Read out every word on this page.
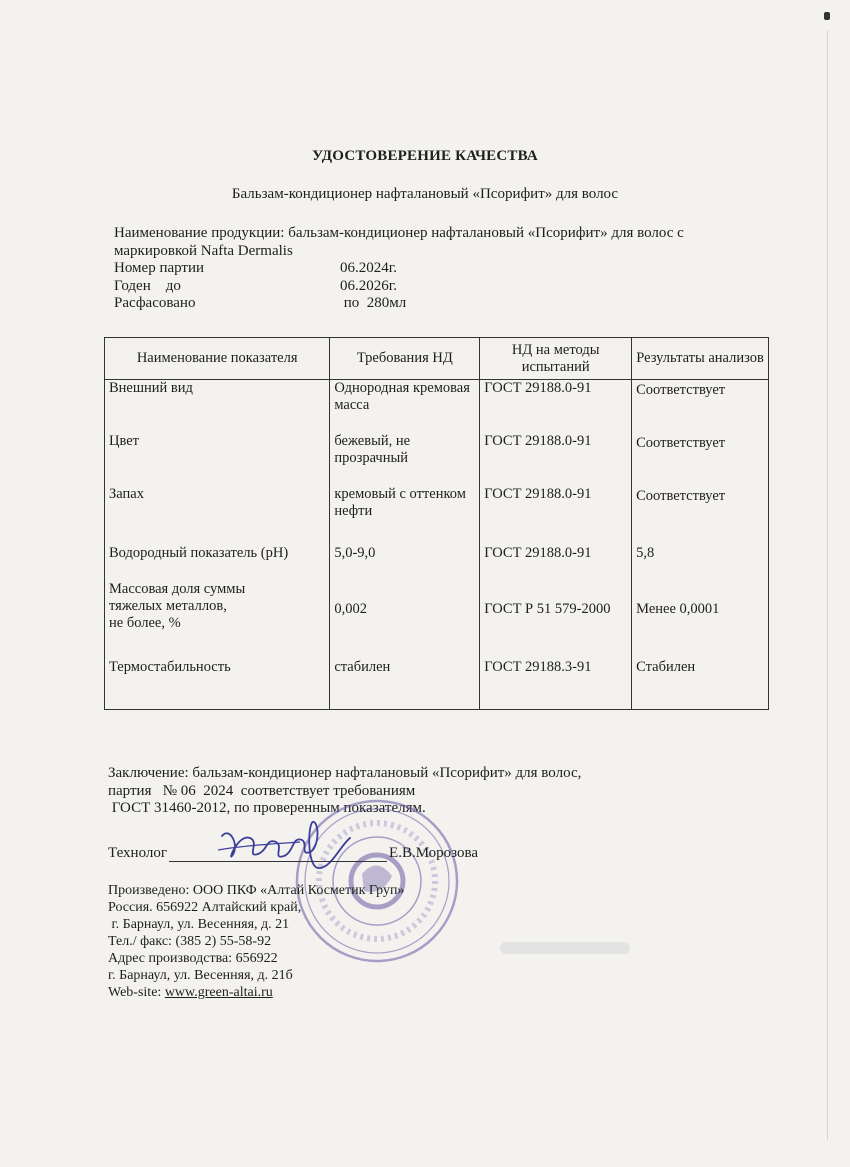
УДОСТОВЕРЕНИЕ КАЧЕСТВА
Бальзам-кондиционер нафталановый «Псорифит» для волос
Наименование продукции: бальзам-кондиционер нафталановый «Псорифит» для волос с
маркировкой Nafta Dermalis
Номер партии	06.2024г.
Годен    до	06.2026г.
Расфасовано	по  280мл
Наименование показателя	Требования НД	НД на методы испытаний	Результаты анализов
Внешний вид	Однородная кремовая масса	ГОСТ 29188.0-91	Соответствует

Цвет	бежевый, не прозрачный	ГОСТ 29188.0-91	Соответствует

Запах	кремовый с оттенком нефти	ГОСТ 29188.0-91	Соответствует

Водородный показатель (pH)	5,0-9,0	ГОСТ 29188.0-91	5,8

Массовая доля суммы
тяжелых металлов,
не более, %	0,002	ГОСТ Р 51 579-2000	Менее 0,0001

Термостабильность	стабилен	ГОСТ 29188.3-91	Стабилен
Заключение: бальзам-кондиционер нафталановый «Псорифит» для волос,
партия   № 06  2024  соответствует требованиям
ГОСТ 31460-2012, по проверенным показателям.
Технолог	Е.В.Морозова
Произведено: ООО ПКФ «Алтай Косметик Груп»
Россия. 656922 Алтайский край,
г. Барнаул, ул. Весенняя, д. 21
Тел./ факс: (385 2) 55-58-92
Адрес производства: 656922
г. Барнаул, ул. Весенняя, д. 21б
Web-site: www.green-altai.ru
